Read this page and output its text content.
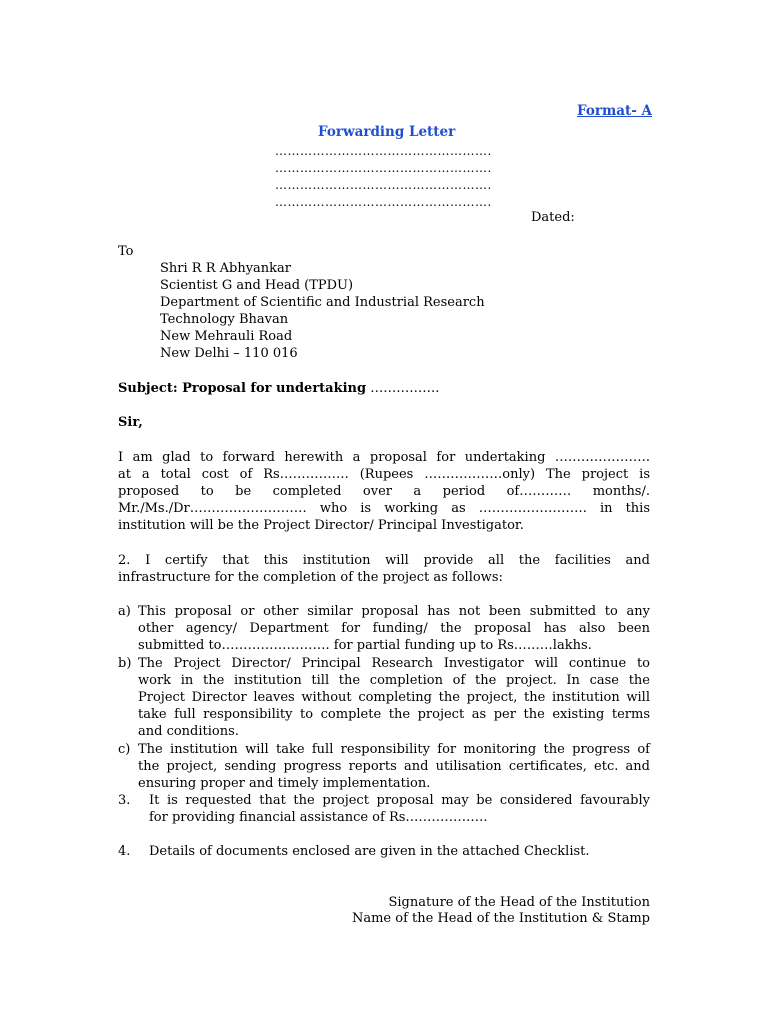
Format- A
Forwarding Letter
…………………………………………….
…………………………………………….
…………………………………………….
…………………………………………….
Dated:
To
Shri R R Abhyankar
Scientist G and Head (TPDU)
Department of Scientific and Industrial Research
Technology Bhavan
New Mehrauli Road
New Delhi – 110 016
Subject: Proposal for undertaking …………….
Sir,
I am glad to forward herewith a proposal for undertaking ………………….
at a total cost of Rs……………. (Rupees ………………only) The project is
proposed to be completed over a period of………… months/.
Mr./Ms./Dr……………………… who is working as ……………………. in this
institution will be the Project Director/ Principal Investigator.
2. I certify that this institution will provide all the facilities and
infrastructure for the completion of the project as follows:
a) This proposal or other similar proposal has not been submitted to any
other agency/ Department for funding/ the proposal has also been
submitted to……………………. for partial funding up to Rs………lakhs.
b) The Project Director/ Principal Research Investigator will continue to
work in the institution till the completion of the project. In case the
Project Director leaves without completing the project, the institution will
take full responsibility to complete the project as per the existing terms
and conditions.
c) The institution will take full responsibility for monitoring the progress of
the project, sending progress reports and utilisation certificates, etc. and
ensuring proper and timely implementation.
3. It is requested that the project proposal may be considered favourably
for providing financial assistance of Rs……………….
4. Details of documents enclosed are given in the attached Checklist.
Signature of the Head of the Institution
Name of the Head of the Institution & Stamp
